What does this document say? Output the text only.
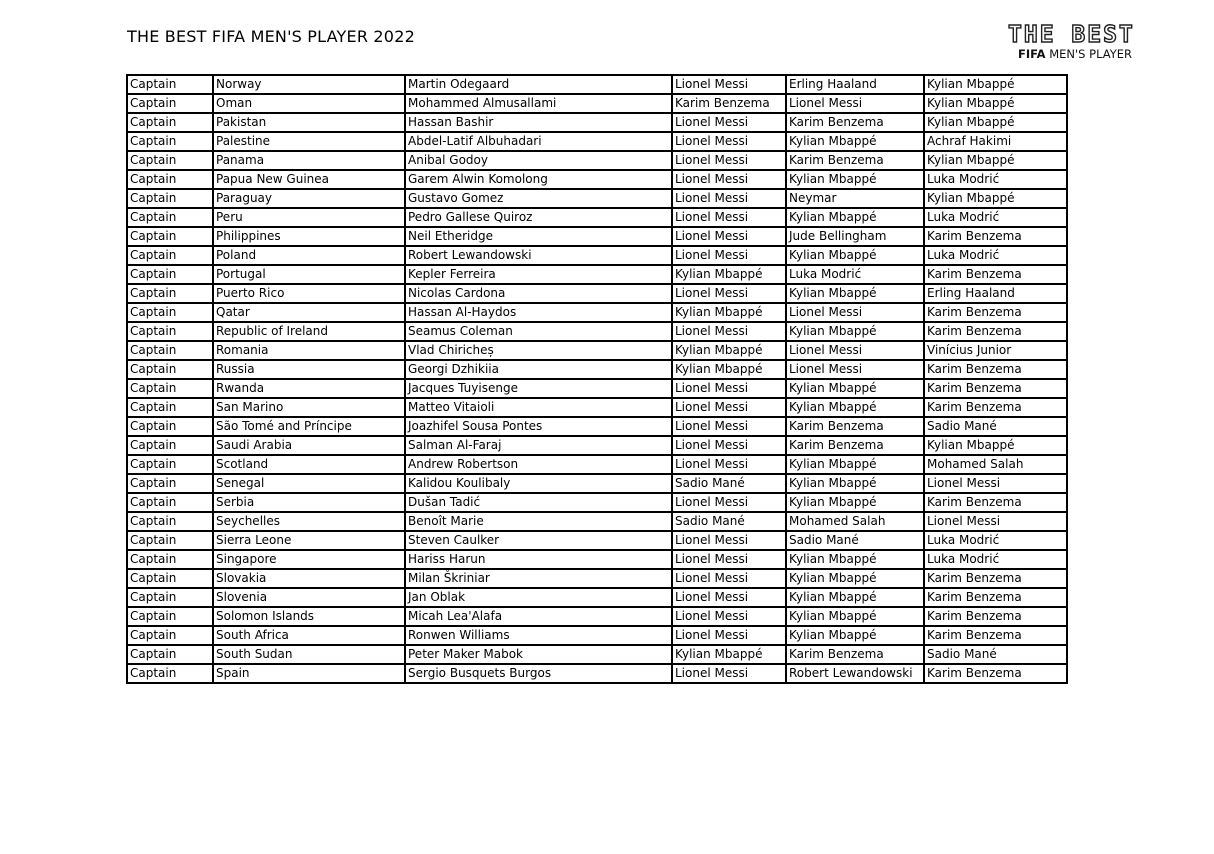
THE BEST FIFA MEN'S PLAYER 2022	THE BEST
FIFA MEN'S PLAYER
Captain	Norway	Martin Odegaard	Lionel Messi	Erling Haaland	Kylian Mbappé
Captain	Oman	Mohammed Almusallami	Karim Benzema	Lionel Messi	Kylian Mbappé
Captain	Pakistan	Hassan Bashir	Lionel Messi	Karim Benzema	Kylian Mbappé
Captain	Palestine	Abdel-Latif Albuhadari	Lionel Messi	Kylian Mbappé	Achraf Hakimi
Captain	Panama	Anibal Godoy	Lionel Messi	Karim Benzema	Kylian Mbappé
Captain	Papua New Guinea	Garem Alwin Komolong	Lionel Messi	Kylian Mbappé	Luka Modrić
Captain	Paraguay	Gustavo Gomez	Lionel Messi	Neymar	Kylian Mbappé
Captain	Peru	Pedro Gallese Quiroz	Lionel Messi	Kylian Mbappé	Luka Modrić
Captain	Philippines	Neil Etheridge	Lionel Messi	Jude Bellingham	Karim Benzema
Captain	Poland	Robert Lewandowski	Lionel Messi	Kylian Mbappé	Luka Modrić
Captain	Portugal	Kepler Ferreira	Kylian Mbappé	Luka Modrić	Karim Benzema
Captain	Puerto Rico	Nicolas Cardona	Lionel Messi	Kylian Mbappé	Erling Haaland
Captain	Qatar	Hassan Al-Haydos	Kylian Mbappé	Lionel Messi	Karim Benzema
Captain	Republic of Ireland	Seamus Coleman	Lionel Messi	Kylian Mbappé	Karim Benzema
Captain	Romania	Vlad Chiricheș	Kylian Mbappé	Lionel Messi	Vinícius Junior
Captain	Russia	Georgi Dzhikiia	Kylian Mbappé	Lionel Messi	Karim Benzema
Captain	Rwanda	Jacques Tuyisenge	Lionel Messi	Kylian Mbappé	Karim Benzema
Captain	San Marino	Matteo Vitaioli	Lionel Messi	Kylian Mbappé	Karim Benzema
Captain	São Tomé and Príncipe	Joazhifel Sousa Pontes	Lionel Messi	Karim Benzema	Sadio Mané
Captain	Saudi Arabia	Salman Al-Faraj	Lionel Messi	Karim Benzema	Kylian Mbappé
Captain	Scotland	Andrew Robertson	Lionel Messi	Kylian Mbappé	Mohamed Salah
Captain	Senegal	Kalidou Koulibaly	Sadio Mané	Kylian Mbappé	Lionel Messi
Captain	Serbia	Dušan Tadić	Lionel Messi	Kylian Mbappé	Karim Benzema
Captain	Seychelles	Benoît Marie	Sadio Mané	Mohamed Salah	Lionel Messi
Captain	Sierra Leone	Steven Caulker	Lionel Messi	Sadio Mané	Luka Modrić
Captain	Singapore	Hariss Harun	Lionel Messi	Kylian Mbappé	Luka Modrić
Captain	Slovakia	Milan Škriniar	Lionel Messi	Kylian Mbappé	Karim Benzema
Captain	Slovenia	Jan Oblak	Lionel Messi	Kylian Mbappé	Karim Benzema
Captain	Solomon Islands	Micah Lea'Alafa	Lionel Messi	Kylian Mbappé	Karim Benzema
Captain	South Africa	Ronwen Williams	Lionel Messi	Kylian Mbappé	Karim Benzema
Captain	South Sudan	Peter Maker Mabok	Kylian Mbappé	Karim Benzema	Sadio Mané
Captain	Spain	Sergio Busquets Burgos	Lionel Messi	Robert Lewandowski	Karim Benzema
